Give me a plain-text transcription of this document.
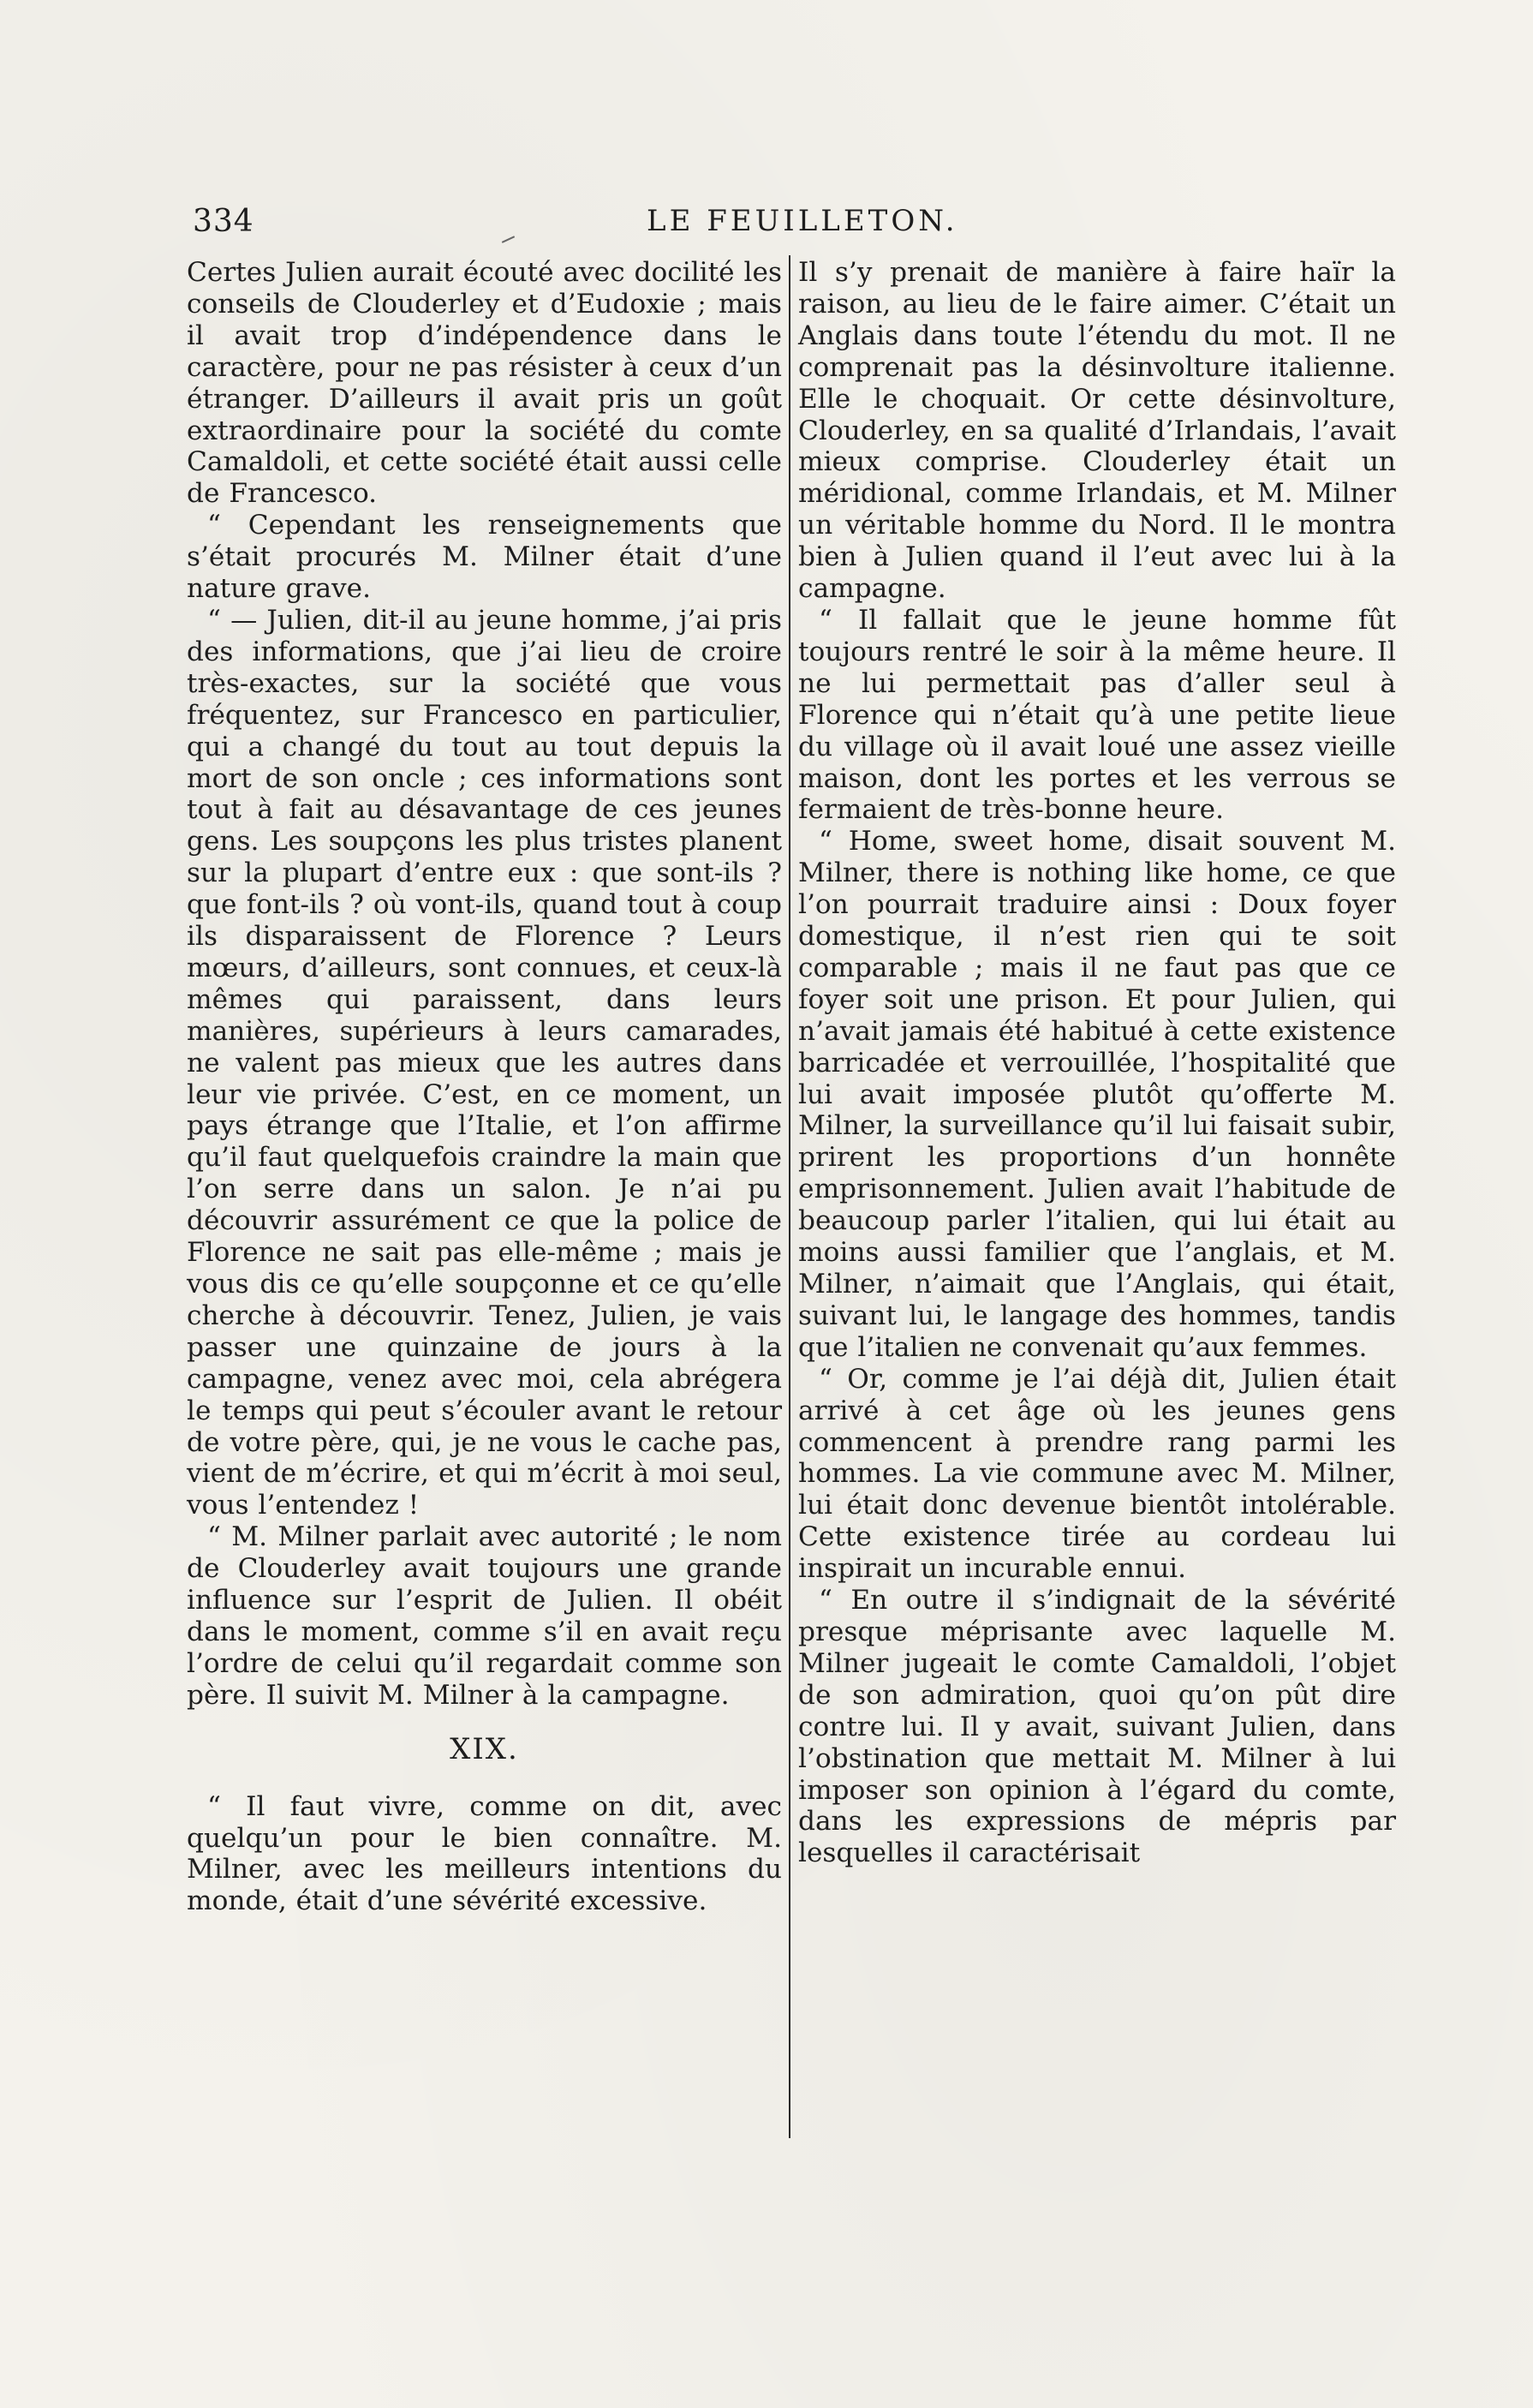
334	LE FEUILLETON.

Certes Julien aurait écouté avec docilité les conseils de Clouderley et d’Eudoxie ; mais il avait trop d’indépendence dans le caractère, pour ne pas résister à ceux d’un étranger. D’ailleurs il avait pris un goût extraordinaire pour la société du comte Camaldoli, et cette société était aussi celle de Francesco.

“ Cependant les renseignements que s’était procurés M. Milner était d’une nature grave.

“ — Julien, dit-il au jeune homme, j’ai pris des informations, que j’ai lieu de croire très-exactes, sur la société que vous fréquentez, sur Francesco en particulier, qui a changé du tout au tout depuis la mort de son oncle ; ces informations sont tout à fait au désavantage de ces jeunes gens. Les soupçons les plus tristes planent sur la plupart d’entre eux : que sont-ils ? que font-ils ? où vont-ils, quand tout à coup ils disparaissent de Florence ? Leurs mœurs, d’ailleurs, sont connues, et ceux-là mêmes qui paraissent, dans leurs manières, supérieurs à leurs camarades, ne valent pas mieux que les autres dans leur vie privée. C’est, en ce moment, un pays étrange que l’Italie, et l’on affirme qu’il faut quelquefois craindre la main que l’on serre dans un salon. Je n’ai pu découvrir assurément ce que la police de Florence ne sait pas elle-même ; mais je vous dis ce qu’elle soupçonne et ce qu’elle cherche à découvrir. Tenez, Julien, je vais passer une quinzaine de jours à la campagne, venez avec moi, cela abrégera le temps qui peut s’écouler avant le retour de votre père, qui, je ne vous le cache pas, vient de m’écrire, et qui m’écrit à moi seul, vous l’entendez !

“ M. Milner parlait avec autorité ; le nom de Clouderley avait toujours une grande influence sur l’esprit de Julien. Il obéit dans le moment, comme s’il en avait reçu l’ordre de celui qu’il regardait comme son père. Il suivit M. Milner à la campagne.

XIX.

“ Il faut vivre, comme on dit, avec quelqu’un pour le bien connaître. M. Milner, avec les meilleurs intentions du monde, était d’une sévérité excessive.

Il s’y prenait de manière à faire haïr la raison, au lieu de le faire aimer. C’était un Anglais dans toute l’étendu du mot. Il ne comprenait pas la désinvolture italienne. Elle le choquait. Or cette désinvolture, Clouderley, en sa qualité d’Irlandais, l’avait mieux comprise. Clouderley était un méridional, comme Irlandais, et M. Milner un véritable homme du Nord. Il le montra bien à Julien quand il l’eut avec lui à la campagne.

“ Il fallait que le jeune homme fût toujours rentré le soir à la même heure. Il ne lui permettait pas d’aller seul à Florence qui n’était qu’à une petite lieue du village où il avait loué une assez vieille maison, dont les portes et les verrous se fermaient de très-bonne heure.

“ Home, sweet home, disait souvent M. Milner, there is nothing like home, ce que l’on pourrait traduire ainsi : Doux foyer domestique, il n’est rien qui te soit comparable ; mais il ne faut pas que ce foyer soit une prison. Et pour Julien, qui n’avait jamais été habitué à cette existence barricadée et verrouillée, l’hospitalité que lui avait imposée plutôt qu’offerte M. Milner, la surveillance qu’il lui faisait subir, prirent les proportions d’un honnête emprisonnement. Julien avait l’habitude de beaucoup parler l’italien, qui lui était au moins aussi familier que l’anglais, et M. Milner, n’aimait que l’Anglais, qui était, suivant lui, le langage des hommes, tandis que l’italien ne convenait qu’aux femmes.

“ Or, comme je l’ai déjà dit, Julien était arrivé à cet âge où les jeunes gens commencent à prendre rang parmi les hommes. La vie commune avec M. Milner, lui était donc devenue bientôt intolérable. Cette existence tirée au cordeau lui inspirait un incurable ennui.

“ En outre il s’indignait de la sévérité presque méprisante avec laquelle M. Milner jugeait le comte Camaldoli, l’objet de son admiration, quoi qu’on pût dire contre lui. Il y avait, suivant Julien, dans l’obstination que mettait M. Milner à lui imposer son opinion à l’égard du comte, dans les expressions de mépris par lesquelles il caractérisait
